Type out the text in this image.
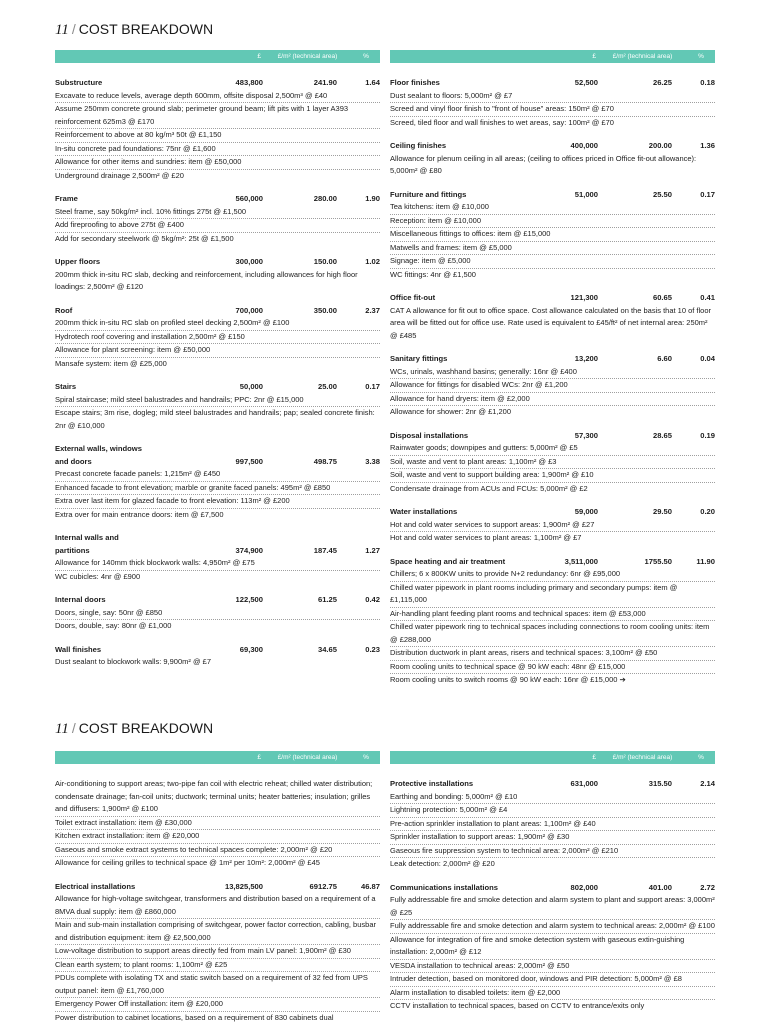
11 / COST BREAKDOWN
£	£/m² (technical area)	%
Substructure	483,800	241.90	1.64
Excavate to reduce levels, average depth 600mm, offsite disposal 2,500m³ @ £40
Assume 250mm concrete ground slab; perimeter ground beam; lift pits with 1 layer A393 reinforcement 625m3 @ £170
Reinforcement to above at 80 kg/m³ 50t @ £1,150
In-situ concrete pad foundations: 75nr @ £1,600
Allowance for other items and sundries: item @ £50,000
Underground drainage 2,500m² @ £20
Frame	560,000	280.00	1.90
Steel frame, say 50kg/m² incl. 10% fittings 275t @ £1,500
Add fireproofing to above 275t @ £400
Add for secondary steelwork @ 5kg/m²: 25t @ £1,500
Upper floors	300,000	150.00	1.02
200mm thick in-situ RC slab, decking and reinforcement, including allowances for high floor loadings: 2,500m² @ £120
Roof	700,000	350.00	2.37
200mm thick in-situ RC slab on profiled steel decking 2,500m² @ £100
Hydrotech roof covering and installation 2,500m² @ £150
Allowance for plant screening: item @ £50,000
Mansafe system: item @ £25,000
Stairs	50,000	25.00	0.17
Spiral staircase; mild steel balustrades and handrails; PPC: 2nr @ £15,000
Escape stairs; 3m rise, dogleg; mild steel balustrades and handrails; pap; sealed concrete finish: 2nr @ £10,000
External walls, windows
and doors	997,500	498.75	3.38
Precast concrete facade panels: 1,215m² @ £450
Enhanced facade to front elevation; marble or granite faced panels: 495m² @ £850
Extra over last item for glazed facade to front elevation: 113m² @ £200
Extra over for main entrance doors: item @ £7,500
Internal walls and
partitions	374,900	187.45	1.27
Allowance for 140mm thick blockwork walls: 4,950m² @ £75
WC cubicles: 4nr @ £900
Internal doors	122,500	61.25	0.42
Doors, single, say: 50nr @ £850
Doors, double, say: 80nr @ £1,000
Wall finishes	69,300	34.65	0.23
Dust sealant to blockwork walls: 9,900m² @ £7
£	£/m² (technical area)	%
Floor finishes	52,500	26.25	0.18
Dust sealant to floors: 5,000m² @ £7
Screed and vinyl floor finish to "front of house" areas: 150m² @ £70
Screed, tiled floor and wall finishes to wet areas, say: 100m² @ £70
Ceiling finishes	400,000	200.00	1.36
Allowance for plenum ceiling in all areas; (ceiling to offices priced in Office fit-out allowance): 5,000m² @ £80
Furniture and fittings	51,000	25.50	0.17
Tea kitchens: item @ £10,000
Reception: item @ £10,000
Miscellaneous fittings to offices: item @ £15,000
Matwells and frames: item @ £5,000
Signage: item @ £5,000
WC fittings: 4nr @ £1,500
Office fit-out	121,300	60.65	0.41
CAT A allowance for fit out to office space. Cost allowance calculated on the basis that 10 of floor area will be fitted out for office use. Rate used is equivalent to £45/ft² of net internal area: 250m² @ £485
Sanitary fittings	13,200	6.60	0.04
WCs, urinals, washhand basins; generally: 16nr @ £400
Allowance for fittings for disabled WCs: 2nr @ £1,200
Allowance for hand dryers: item @ £2,000
Allowance for shower: 2nr @ £1,200
Disposal installations	57,300	28.65	0.19
Rainwater goods; downpipes and gutters: 5,000m² @ £5
Soil, waste and vent to plant areas: 1,100m² @ £3
Soil, waste and vent to support building area: 1,900m² @ £10
Condensate drainage from ACUs and FCUs: 5,000m² @ £2
Water installations	59,000	29.50	0.20
Hot and cold water services to support areas: 1,900m² @ £27
Hot and cold water services to plant areas: 1,100m² @ £7
Space heating and air treatment	3,511,000	1755.50	11.90
Chillers; 6 x 800KW units to provide N+2 redundancy: 6nr @ £95,000
Chilled water pipework in plant rooms including primary and secondary pumps: item @ £1,115,000
Air-handling plant feeding plant rooms and technical spaces: item @ £53,000
Chilled water pipework ring to technical spaces including connections to room cooling units: item @ £288,000
Distribution ductwork in plant areas, risers and technical spaces: 3,100m² @ £50
Room cooling units to technical space @ 90 kW each: 48nr @ £15,000
Room cooling units to switch rooms @ 90 kW each: 16nr @ £15,000 ➔
11 / COST BREAKDOWN
£	£/m² (technical area)	%
Air-conditioning to support areas; two-pipe fan coil with electric reheat; chilled water distribution; condensate drainage; fan-coil units; ductwork; terminal units; heater batteries; insulation; grilles and diffusers: 1,900m² @ £100
Toilet extract installation: item @ £30,000
Kitchen extract installation: item @ £20,000
Gaseous and smoke extract systems to technical spaces complete: 2,000m² @ £20
Allowance for ceiling grilles to technical space @ 1m² per 10m²: 2,000m² @ £45
Electrical installations	13,825,500	6912.75	46.87
Allowance for high-voltage switchgear, transformers and distribution based on a requirement of a 8MVA dual supply: item @ £860,000
Main and sub-main installation comprising of switchgear, power factor correction, cabling, busbar and distribution equipment: item @ £2,500,000
Low-voltage distribution to support areas directly fed from main LV panel: 1,900m² @ £30
Clean earth system; to plant rooms: 1,100m² @ £25
PDUs complete with isolating TX and static switch based on a requirement of 32 fed from UPS output panel: item @ £1,760,000
Emergency Power Off installation: item @ £20,000
Power distribution to cabinet locations, based on a requirement of 830 cabinets dual
£	£/m² (technical area)	%
Protective installations	631,000	315.50	2.14
Earthing and bonding: 5,000m² @ £10
Lightning protection: 5,000m² @ £4
Pre-action sprinkler installation to plant areas: 1,100m² @ £40
Sprinkler installation to support areas: 1,900m² @ £30
Gaseous fire suppression system to technical area: 2,000m² @ £210
Leak detection: 2,000m² @ £20
Communications installations	802,000	401.00	2.72
Fully addressable fire and smoke detection and alarm system to plant and support areas: 3,000m² @ £25
Fully addressable fire and smoke detection and alarm system to technical areas: 2,000m² @ £100
Allowance for integration of fire and smoke detection system with gaseous extin-guishing installation: 2,000m² @ £12
VESDA installation to technical areas: 2,000m² @ £50
Intruder detection, based on monitored door, windows and PIR detection: 5,000m² @ £8
Alarm installation to disabled toilets: item @ £2,000
CCTV installation to technical spaces, based on CCTV to entrance/exits only
